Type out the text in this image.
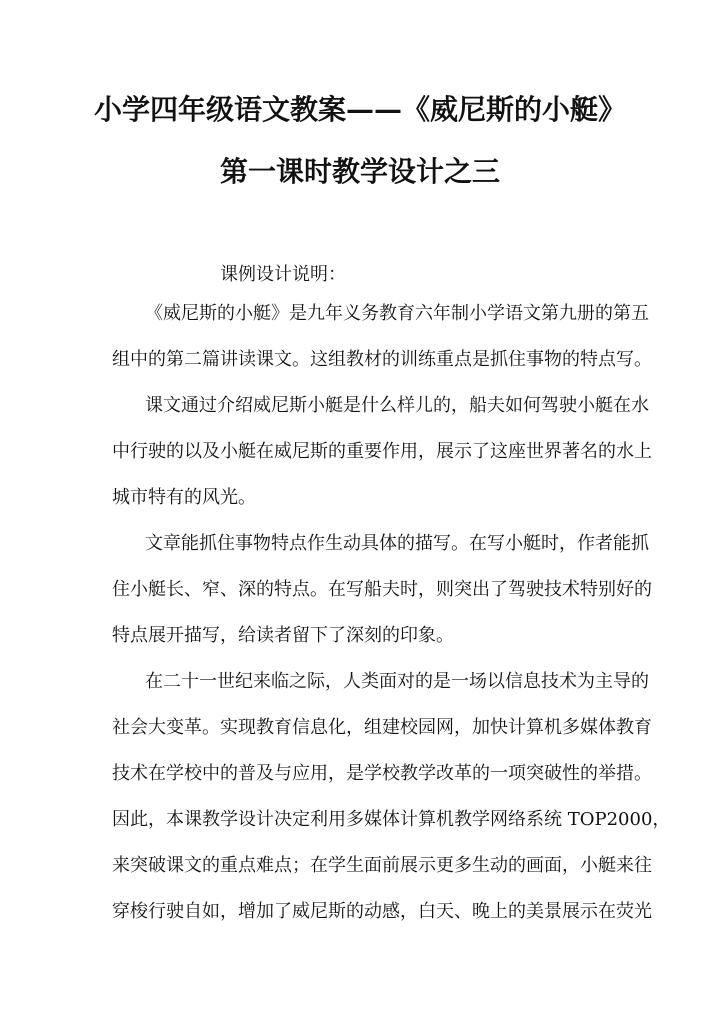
小学四年级语文教案——《威尼斯的小艇》
第一课时教学设计之三
课例设计说明：
《威尼斯的小艇》是九年义务教育六年制小学语文第九册的第五
组中的第二篇讲读课文。这组教材的训练重点是抓住事物的特点写。
课文通过介绍威尼斯小艇是什么样儿的，船夫如何驾驶小艇在水
中行驶的以及小艇在威尼斯的重要作用，展示了这座世界著名的水上
城市特有的风光。
文章能抓住事物特点作生动具体的描写。在写小艇时，作者能抓
住小艇长、窄、深的特点。在写船夫时，则突出了驾驶技术特别好的
特点展开描写，给读者留下了深刻的印象。
在二十一世纪来临之际，人类面对的是一场以信息技术为主导的
社会大变革。实现教育信息化，组建校园网，加快计算机多媒体教育
技术在学校中的普及与应用，是学校教学改革的一项突破性的举措。
因此，本课教学设计决定利用多媒体计算机教学网络系统 TOP2000，
来突破课文的重点难点；在学生面前展示更多生动的画面，小艇来往
穿梭行驶自如，增加了威尼斯的动感，白天、晚上的美景展示在荧光
